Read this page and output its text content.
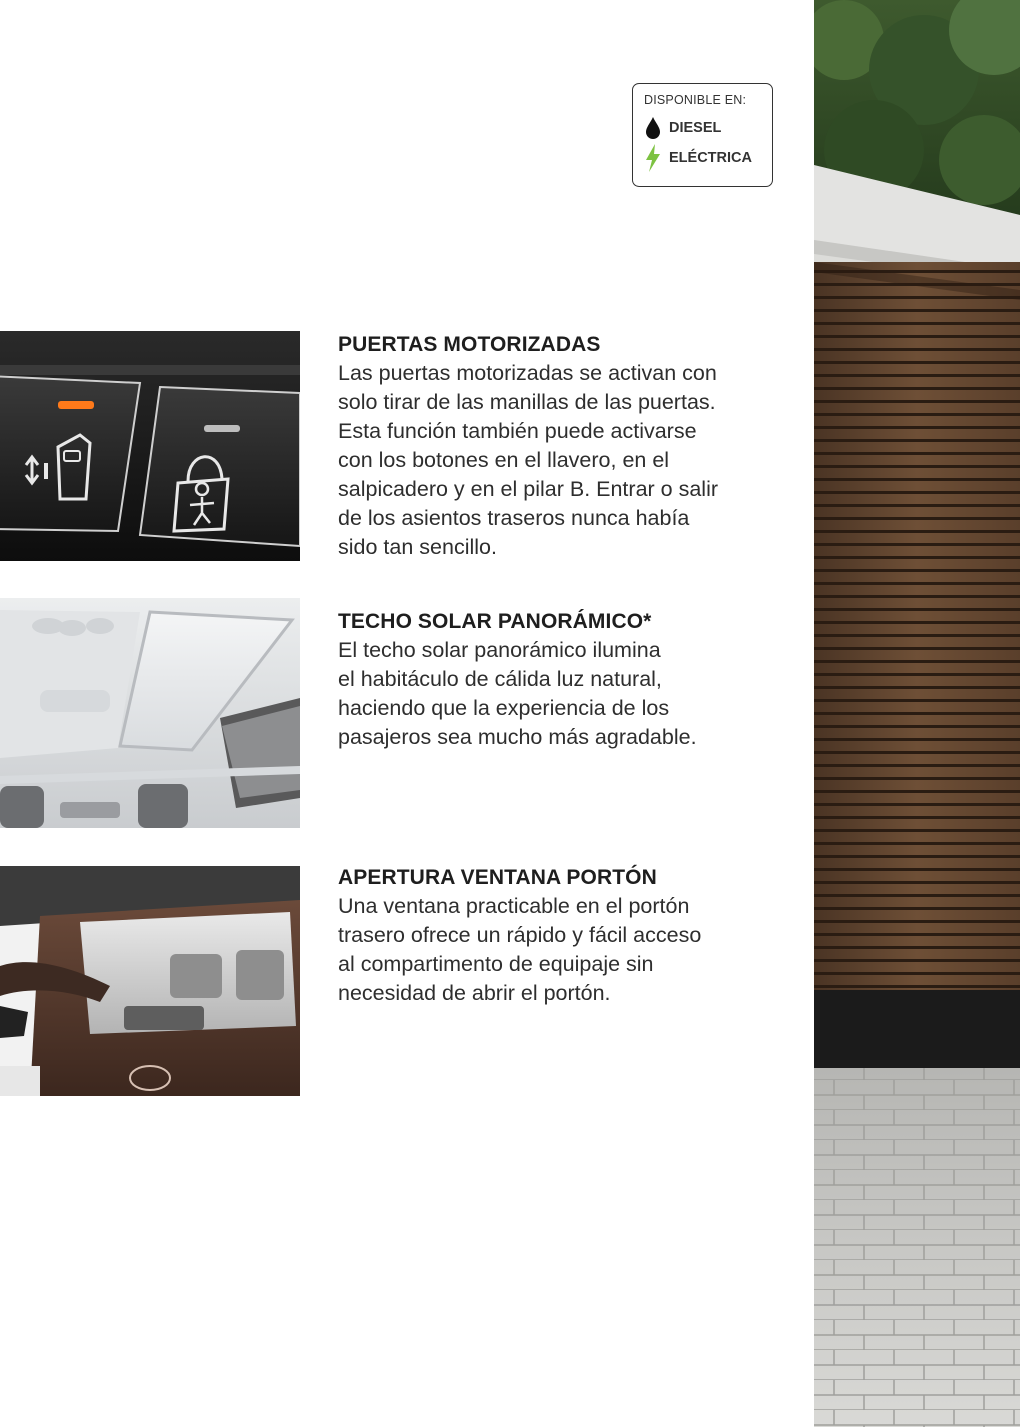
DISPONIBLE EN:
DIESEL
ELÉCTRICA
PUERTAS MOTORIZADAS

Las puertas motorizadas se activan con
solo tirar de las manillas de las puertas.
Esta función también puede activarse
con los botones en el llavero, en el
salpicadero y en el pilar B. Entrar o salir
de los asientos traseros nunca había
sido tan sencillo.

TECHO SOLAR PANORÁMICO*

El techo solar panorámico ilumina
el habitáculo de cálida luz natural,
haciendo que la experiencia de los
pasajeros sea mucho más agradable.

APERTURA VENTANA PORTÓN

Una ventana practicable en el portón
trasero ofrece un rápido y fácil acceso
al compartimento de equipaje sin
necesidad de abrir el portón.
